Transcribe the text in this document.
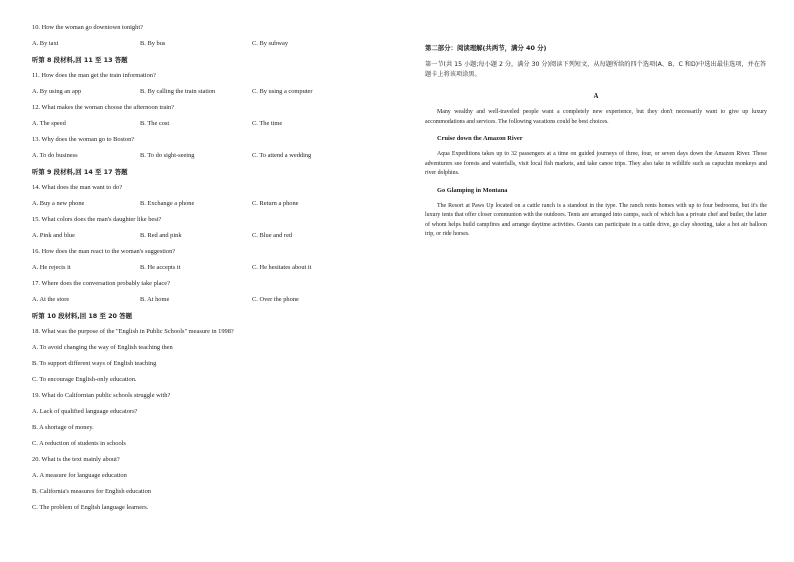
10. How the woman go downtown tonight?
A. By taxi	B. By bus	C. By subway
听第 8 段材料,回 11 至 13 答题
11. How does the man get the train information?
A. By using an app	B. By calling the train station	C. By using a computer
12. What makes the woman choose the afternoon train?
A. The speed	B. The cost	C. The time
13. Why does the woman go to Boston?
A. To do business	B. To do sight-seeing	C. To attend a wedding
听第 9 段材料,回 14 至 17 答题
14. What does the man want to do?
A. Buy a new phone	B. Exchange a phone	C. Return a phone
15. What colors does the man's daughter like best?
A. Pink and blue	B. Red and pink	C. Blue and red
16. How does the man react to the woman's suggestion?
A. He rejects it	B. He accepts it	C. He hesitates about it
17. Where does the conversation probably take place?
A. At the store	B. At home	C. Over the phone
听第 10 段材料,回 18 至 20 答题
18. What was the purpose of the "English in Public Schools" measure in 1998?
A. To avoid changing the way of English teaching then
B. To support different ways of English teaching
C. To encourage English-only education.
19. What do Californian public schools struggle with?
A. Lack of qualified language educators?
B. A shortage of money.
C. A reduction of students in schools
20. What is the text mainly about?
A. A measure for language education
B. California's measures for English education
C. The problem of English language learners.
第二部分：阅读理解(共两节，满分 40 分)
第一节(共 15 小题;每小题 2 分，满分 30 分)阅读下列短文，从每题所给的四个选项(A、B、C 和D)中选出最佳选项，并在答题卡上将该项涂黑。
A
Many wealthy and well-traveled people want a completely new experience, but they don't necessarily want to give up luxury accommodations and services. The following vacations could be best choices.
Cruise down the Amazon River
Aqua Expeditions takes up to 32 passengers at a time on guided journeys of three, four, or seven days down the Amazon River. Those adventurers see forests and waterfalls, visit local fish markets, and take canoe trips. They also take in wildlife such as capuchin monkeys and river dolphins.
Go Glamping in Montana
The Resort at Paws Up located on a cattle ranch is a standout in the type. The ranch rents homes with up to four bedrooms, but it's the luxury tents that offer closer communion with the outdoors. Tents are arranged into camps, each of which has a private chef and butler, the latter of whom helps build campfires and arrange daytime activities. Guests can participate in a cattle drive, go clay shooting, take a hot air balloon trip, or ride horses.
